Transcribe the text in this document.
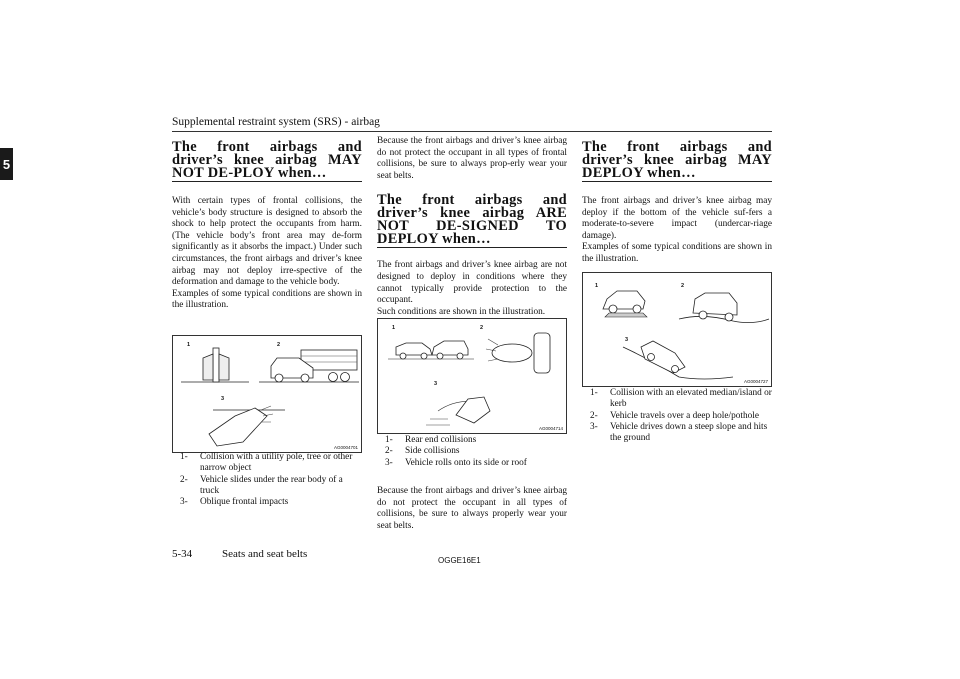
Supplemental restraint system (SRS) - airbag
5
The front airbags and driver’s knee airbag MAY NOT DE-PLOY when…

With certain types of frontal collisions, the vehicle’s body structure is designed to absorb the shock to help protect the occupants from harm. (The vehicle body’s front area may de-form significantly as it absorbs the impact.) Under such circumstances, the front airbags and driver’s knee airbag may not deploy irre-spective of the deformation and damage to the vehicle body.

Examples of some typical conditions are shown in the illustration.

1	2
3
AG0004701
1- Collision with a utility pole, tree or other narrow object
2- Vehicle slides under the rear body of a truck
3- Oblique frontal impacts

Because the front airbags and driver’s knee airbag do not protect the occupant in all types of frontal collisions, be sure to always prop-erly wear your seat belts.

The front airbags and driver’s knee airbag ARE NOT DE-SIGNED TO DEPLOY when…

The front airbags and driver’s knee airbag are not designed to deploy in conditions where they cannot typically provide protection to the occupant.

Such conditions are shown in the illustration.

1	2
3
AG0004714
1- Rear end collisions
2- Side collisions
3- Vehicle rolls onto its side or roof

Because the front airbags and driver’s knee airbag do not protect the occupant in all types of collisions, be sure to always properly wear your seat belts.

The front airbags and driver’s knee airbag MAY DEPLOY when…

The front airbags and driver’s knee airbag may deploy if the bottom of the vehicle suf-fers a moderate-to-severe impact (undercar-riage damage).

Examples of some typical conditions are shown in the illustration.

1	2
3
AG0004727
1- Collision with an elevated median/island or kerb
2- Vehicle travels over a deep hole/pothole
3- Vehicle drives down a steep slope and hits the ground
5-34	Seats and seat belts
OGGE16E1
